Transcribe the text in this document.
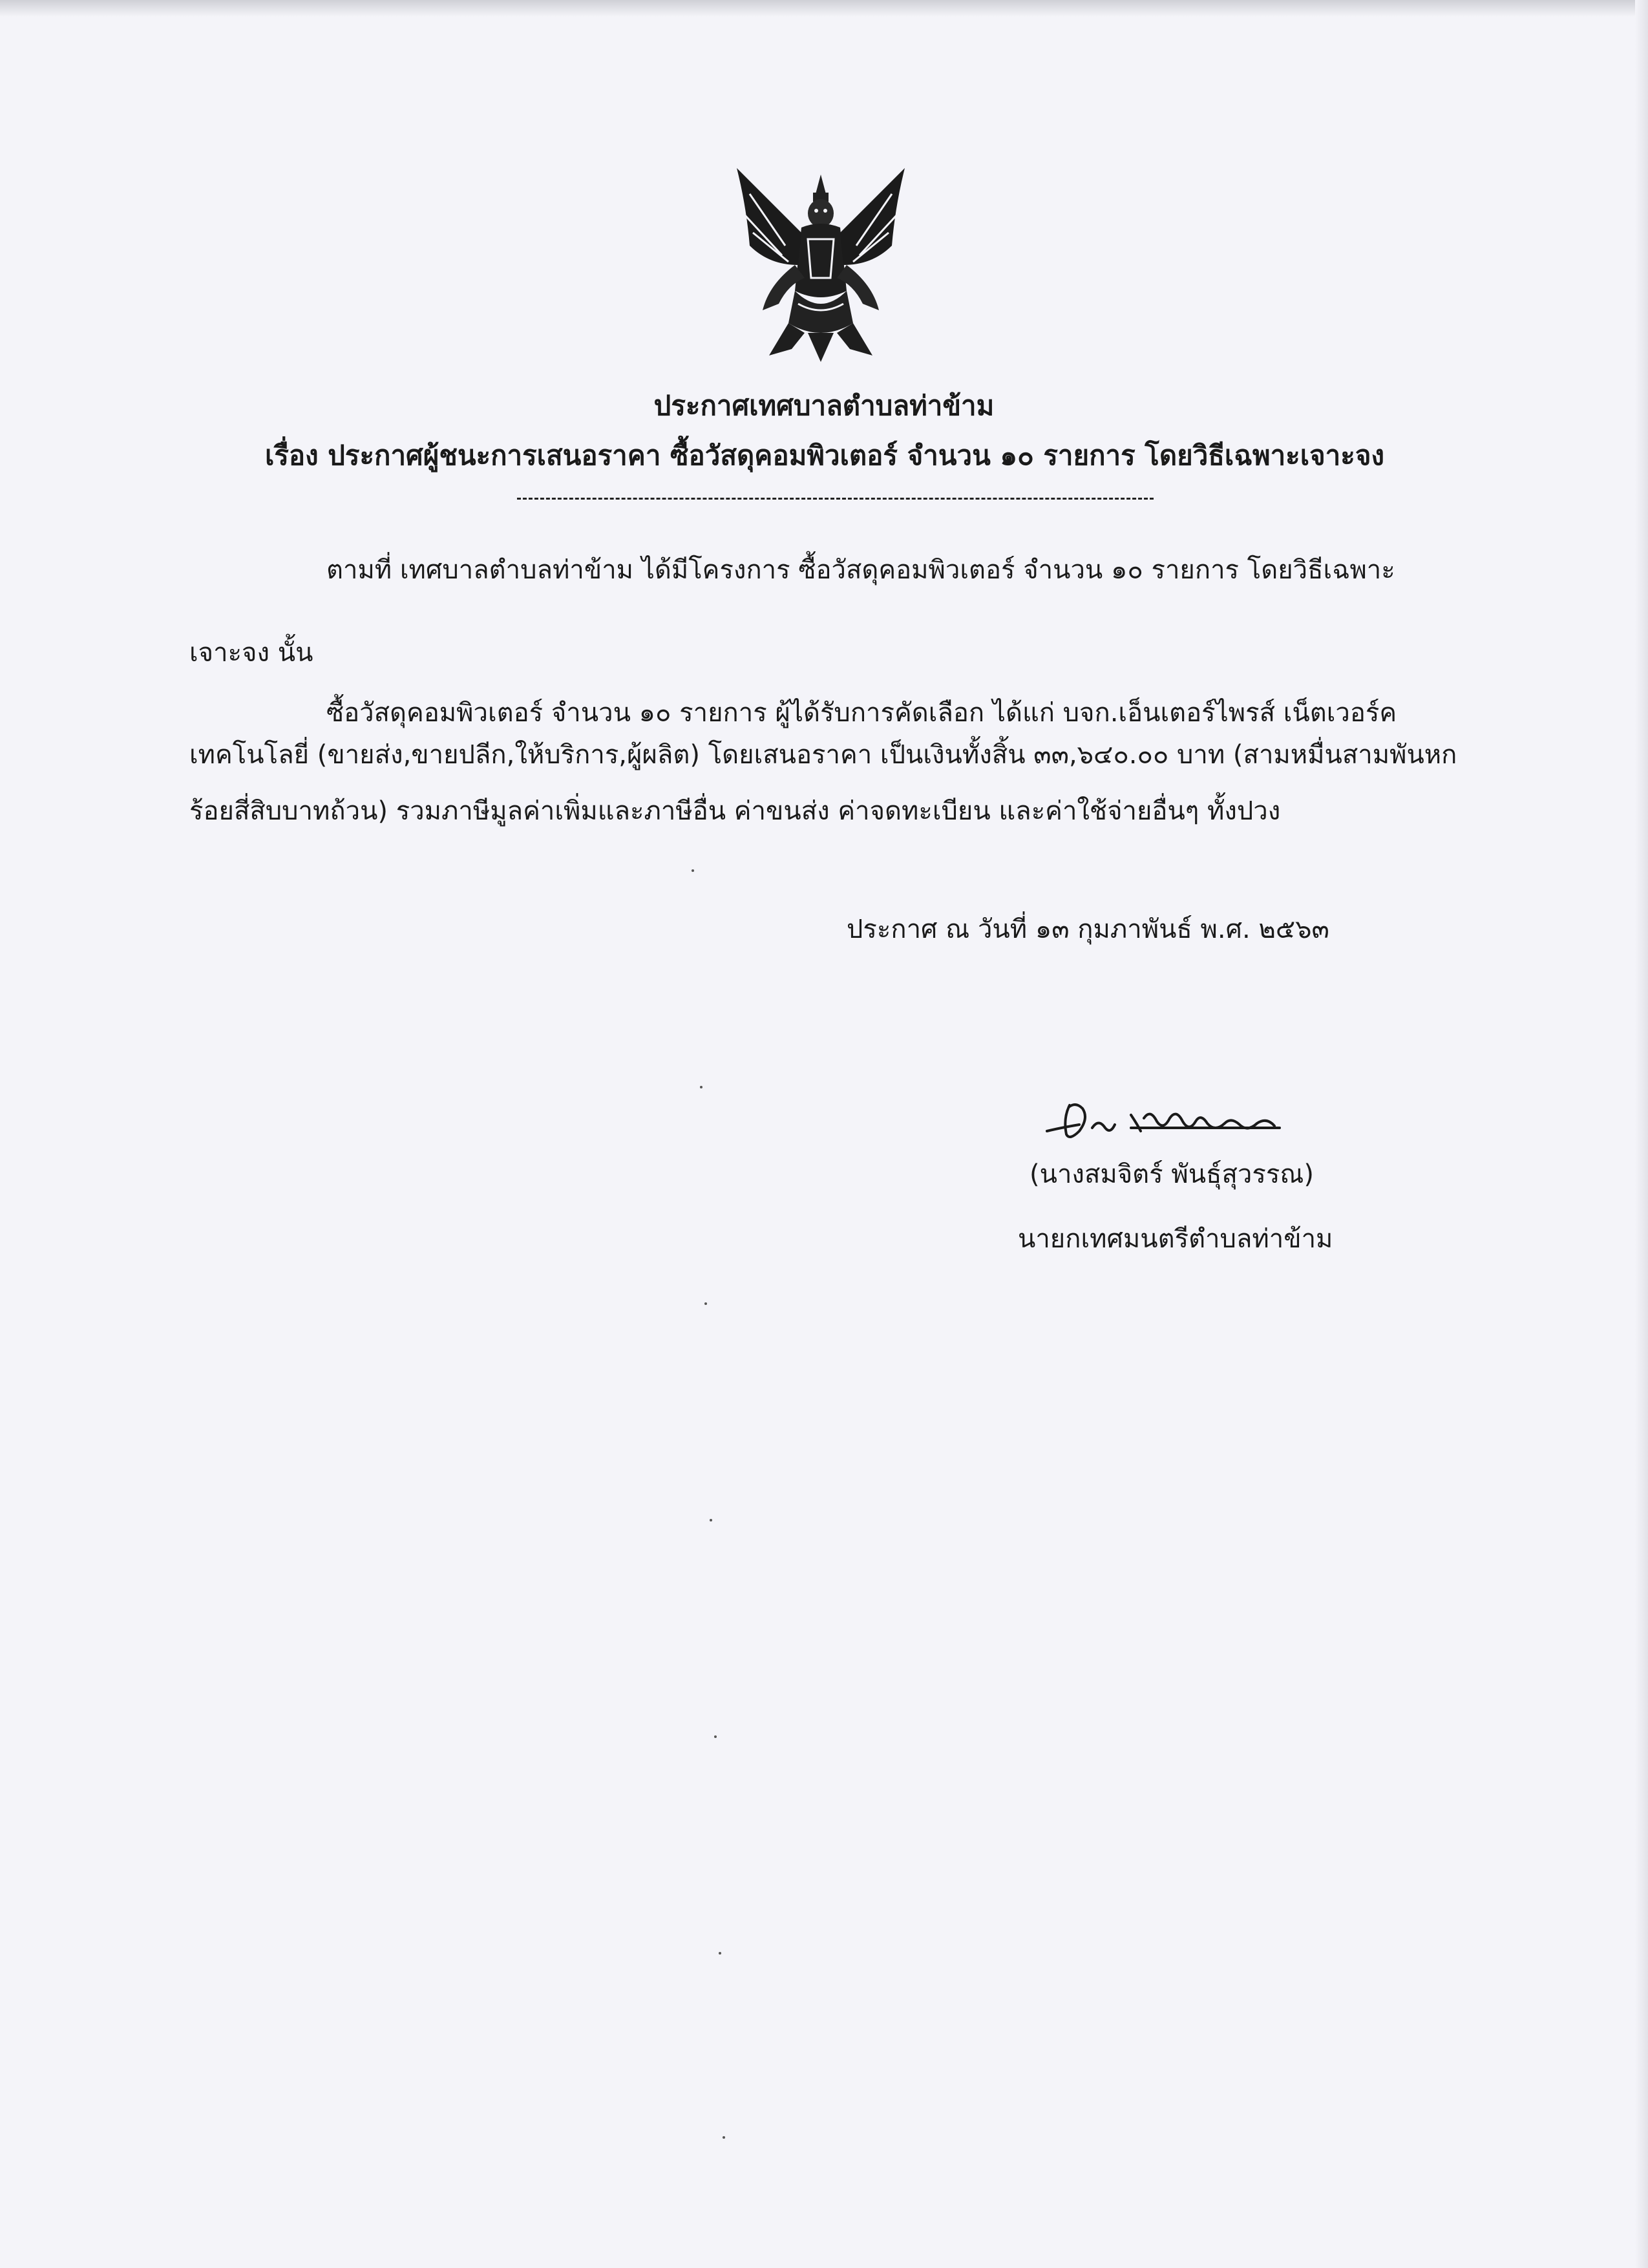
ประกาศเทศบาลตำบลท่าข้าม
เรื่อง ประกาศผู้ชนะการเสนอราคา ซื้อวัสดุคอมพิวเตอร์ จำนวน ๑๐ รายการ โดยวิธีเฉพาะเจาะจง
ตามที่ เทศบาลตำบลท่าข้าม ได้มีโครงการ ซื้อวัสดุคอมพิวเตอร์ จำนวน ๑๐ รายการ โดยวิธีเฉพาะ
เจาะจง นั้น
ซื้อวัสดุคอมพิวเตอร์ จำนวน ๑๐ รายการ ผู้ได้รับการคัดเลือก ได้แก่ บจก.เอ็นเตอร์ไพรส์ เน็ตเวอร์ค
เทคโนโลยี่ (ขายส่ง,ขายปลีก,ให้บริการ,ผู้ผลิต) โดยเสนอราคา เป็นเงินทั้งสิ้น ๓๓,๖๔๐.๐๐ บาท (สามหมื่นสามพันหก
ร้อยสี่สิบบาทถ้วน) รวมภาษีมูลค่าเพิ่มและภาษีอื่น ค่าขนส่ง ค่าจดทะเบียน และค่าใช้จ่ายอื่นๆ ทั้งปวง
ประกาศ ณ วันที่ ๑๓ กุมภาพันธ์ พ.ศ. ๒๕๖๓
(นางสมจิตร์ พันธุ์สุวรรณ)
นายกเทศมนตรีตำบลท่าข้าม
